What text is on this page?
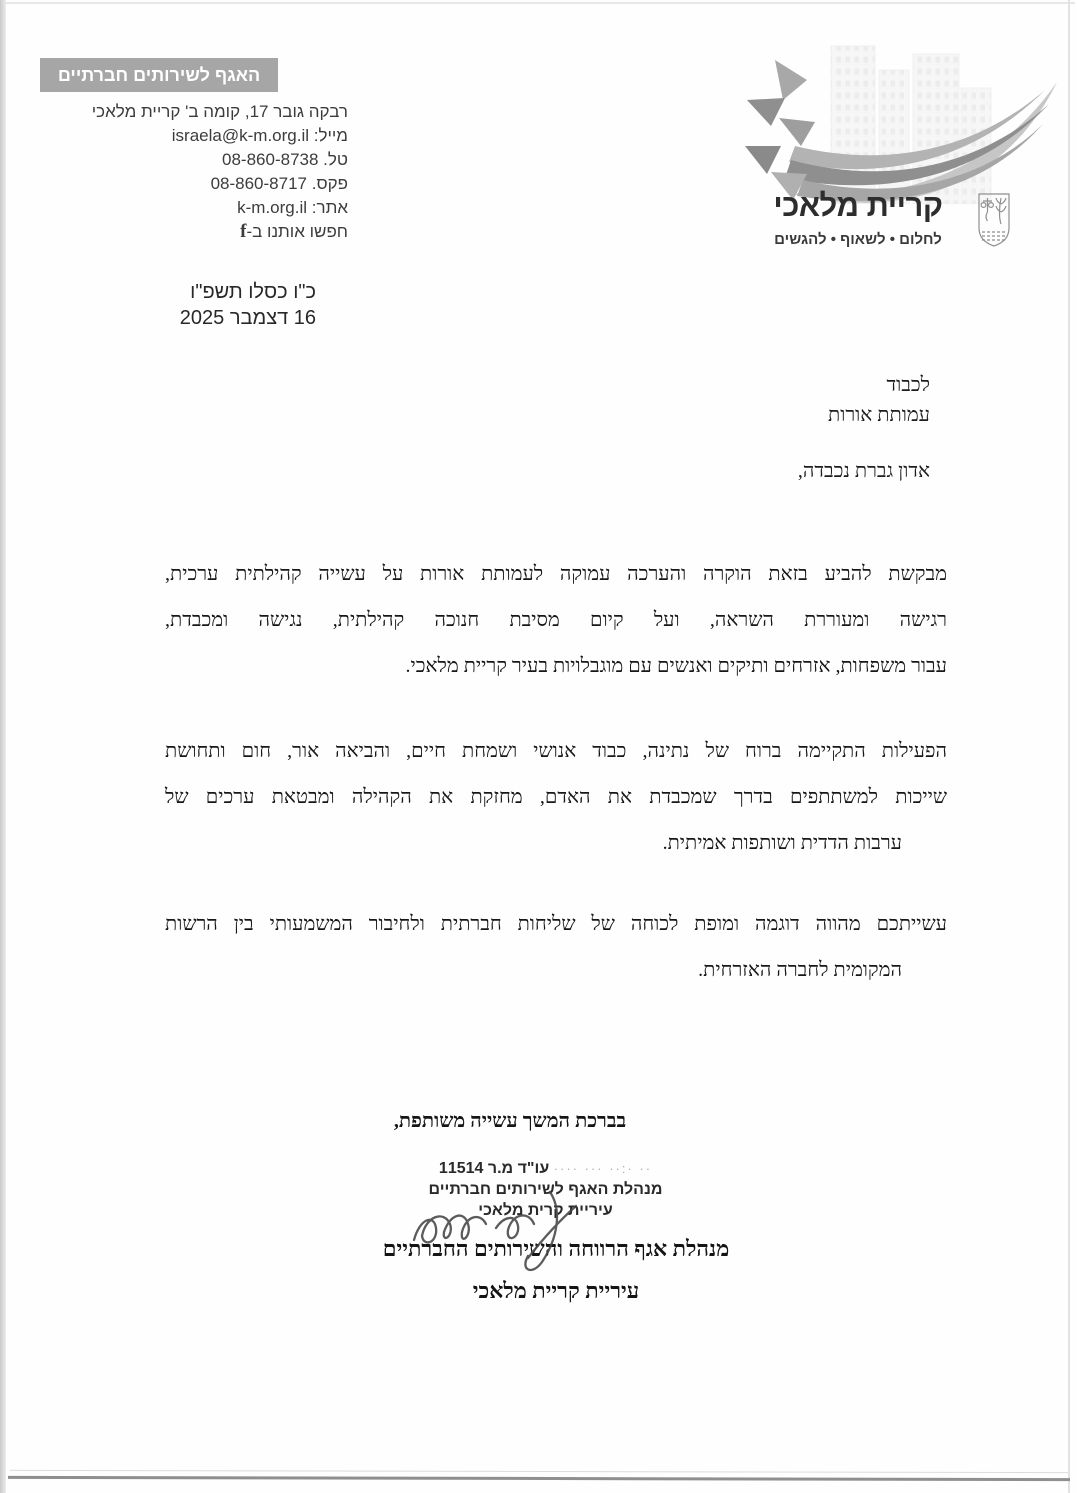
האגף לשירותים חברתיים
רבקה גובר 17, קומה ב' קריית מלאכי
מייל: israela@k-m.org.il
טל. 08-860-8738
פקס. 08-860-8717
אתר: k-m.org.il
חפשו אותנו ב-f
קריית מלאכי
לחלום • לשאוף • להגשים
כ"ו כסלו תשפ"ו
16 דצמבר 2025
לכבוד
עמותת אורות
אדון גברת נכבדה,
מבקשת להביע בזאת הוקרה והערכה עמוקה לעמותת אורות על עשייה קהילתית ערכית,
רגישה ומעוררת השראה, ועל קיום מסיבת חנוכה קהילתית, נגישה ומכבדת,
עבור משפחות, אזרחים ותיקים ואנשים עם מוגבלויות בעיר קריית מלאכי.
הפעילות התקיימה ברוח של נתינה, כבוד אנושי ושמחת חיים, והביאה אור, חום ותחושת
שייכות למשתתפים בדרך שמכבדת את האדם, מחזקת את הקהילה ומבטאת ערכים של
ערבות הדדית ושותפות אמיתית.
עשייתכם מהווה דוגמה ומופת לכוחה של שליחות חברתית ולחיבור המשמעותי בין הרשות
המקומית לחברה האזרחית.
בברכת המשך עשייה משותפת,
·· ·:·· ··· ···· עו"ד מ.ר 11514
מנהלת האגף לשירותים חברתיים
עיריית קרית מלאכי
מנהלת אגף הרווחה והשירותים החברתיים
עיריית קריית מלאכי
